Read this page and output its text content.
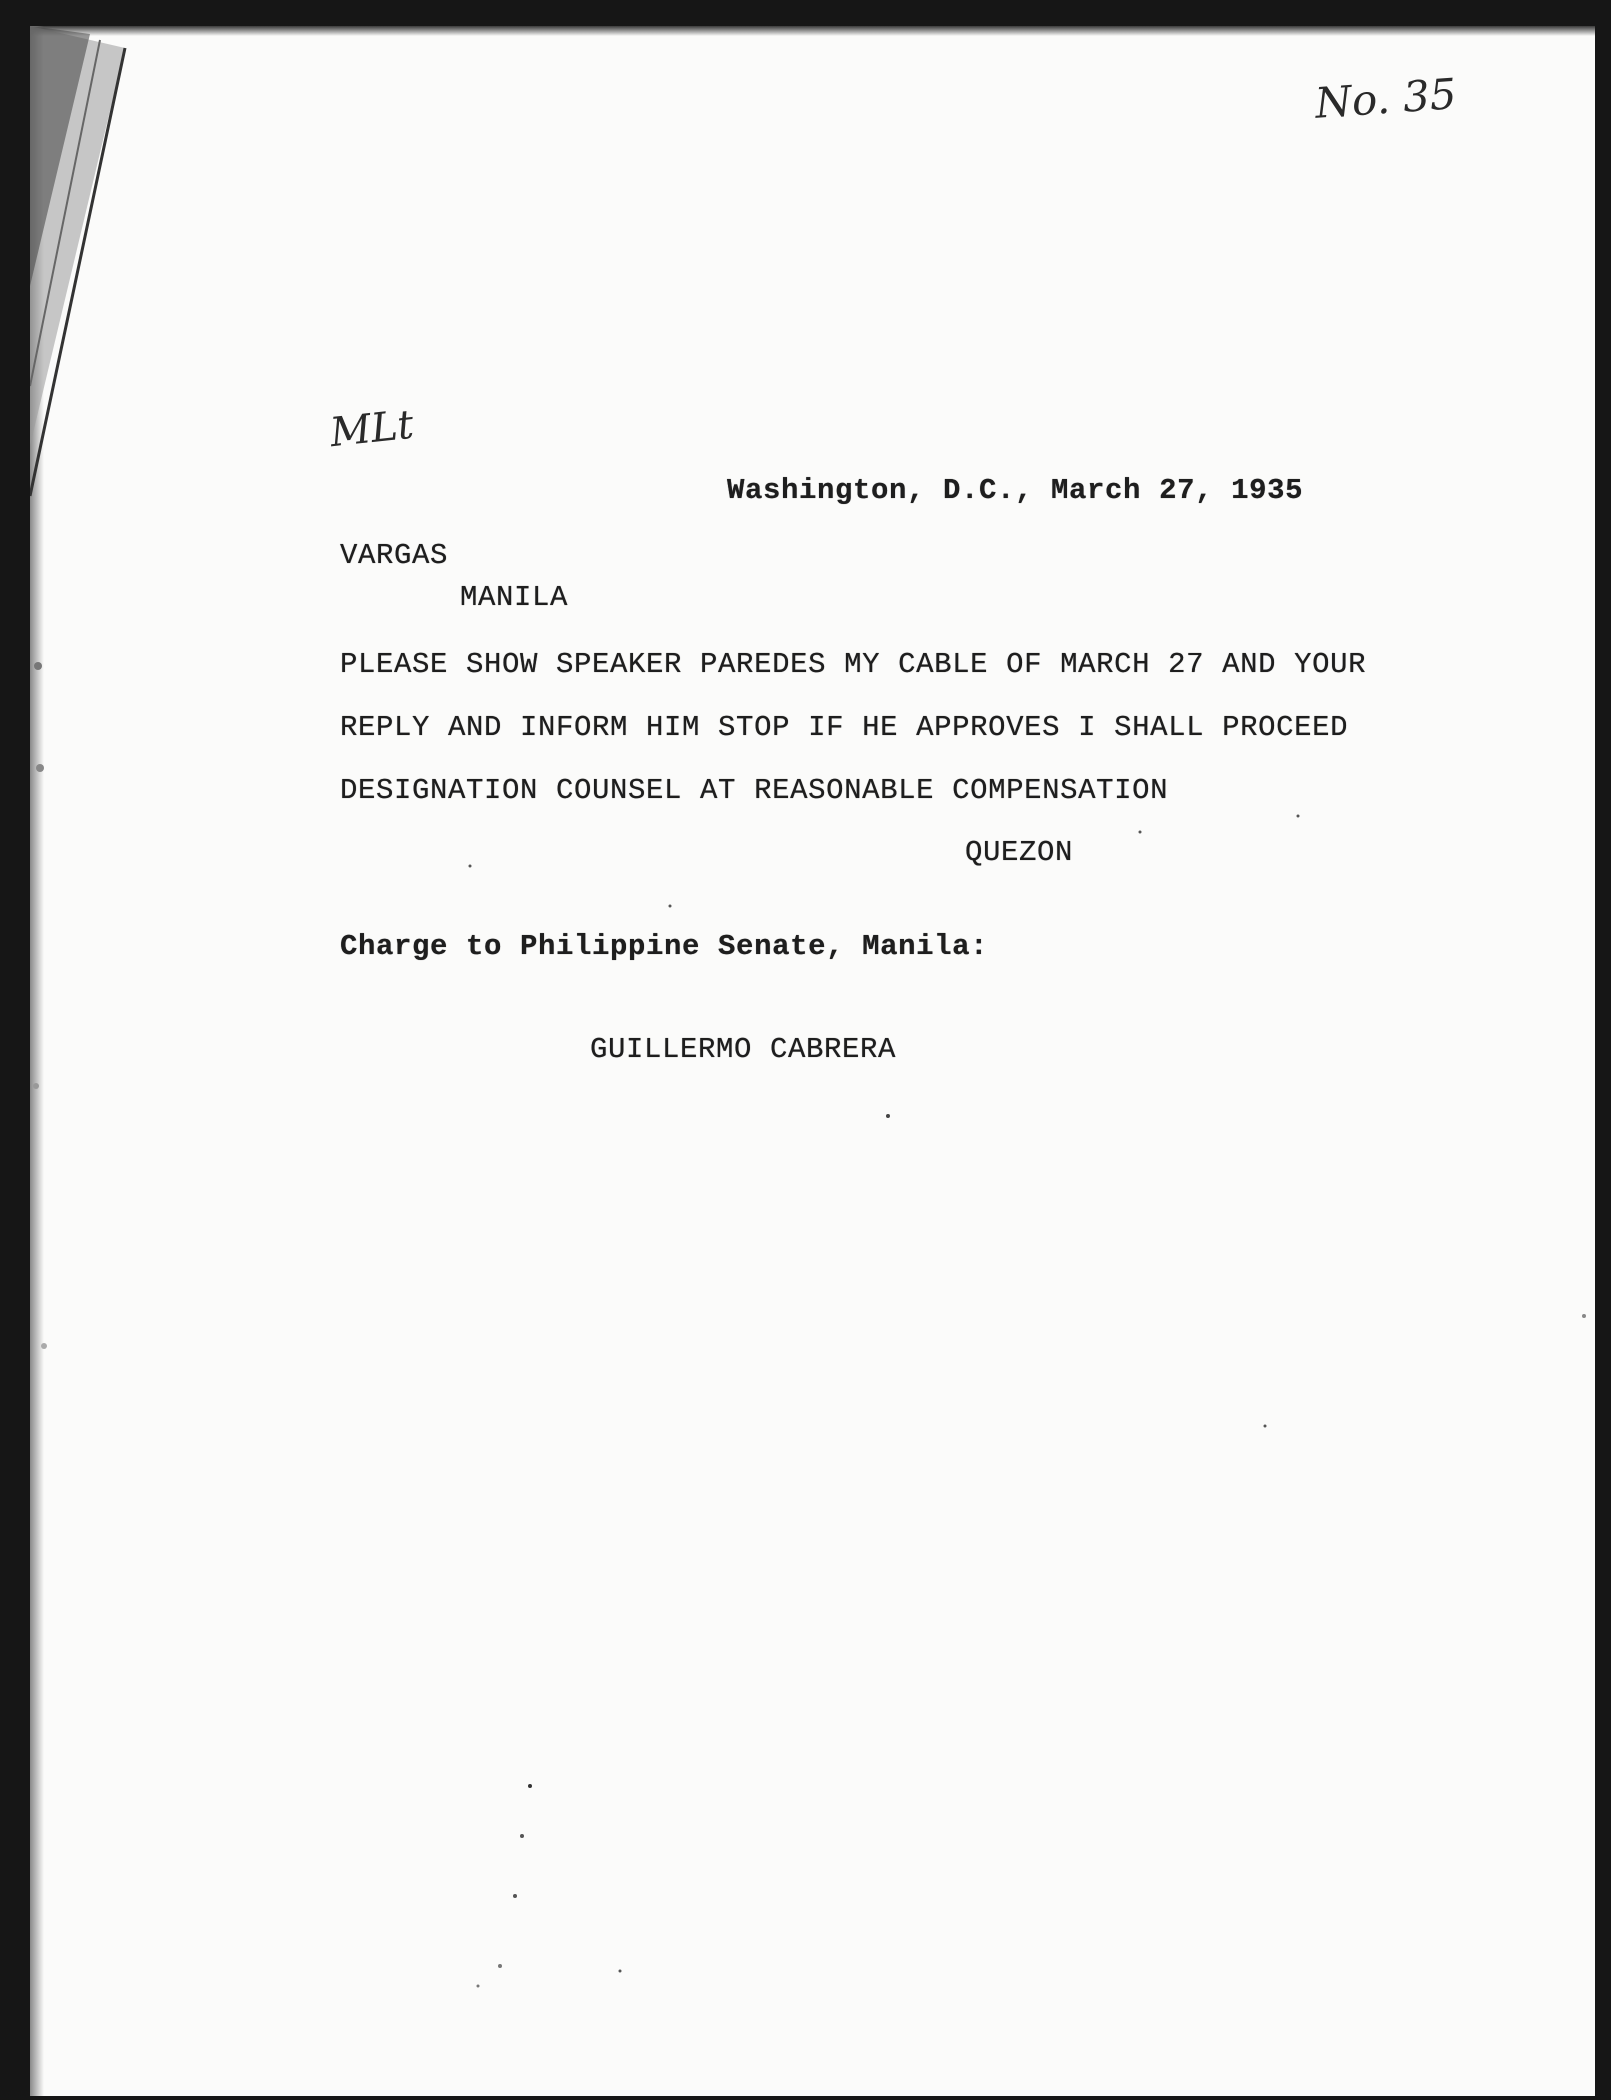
No. 35
MLt
Washington, D.C., March 27, 1935
VARGAS
MANILA
PLEASE SHOW SPEAKER PAREDES MY CABLE OF MARCH 27 AND YOUR
REPLY AND INFORM HIM STOP IF HE APPROVES I SHALL PROCEED
DESIGNATION COUNSEL AT REASONABLE COMPENSATION
QUEZON
Charge to Philippine Senate, Manila:
GUILLERMO CABRERA
